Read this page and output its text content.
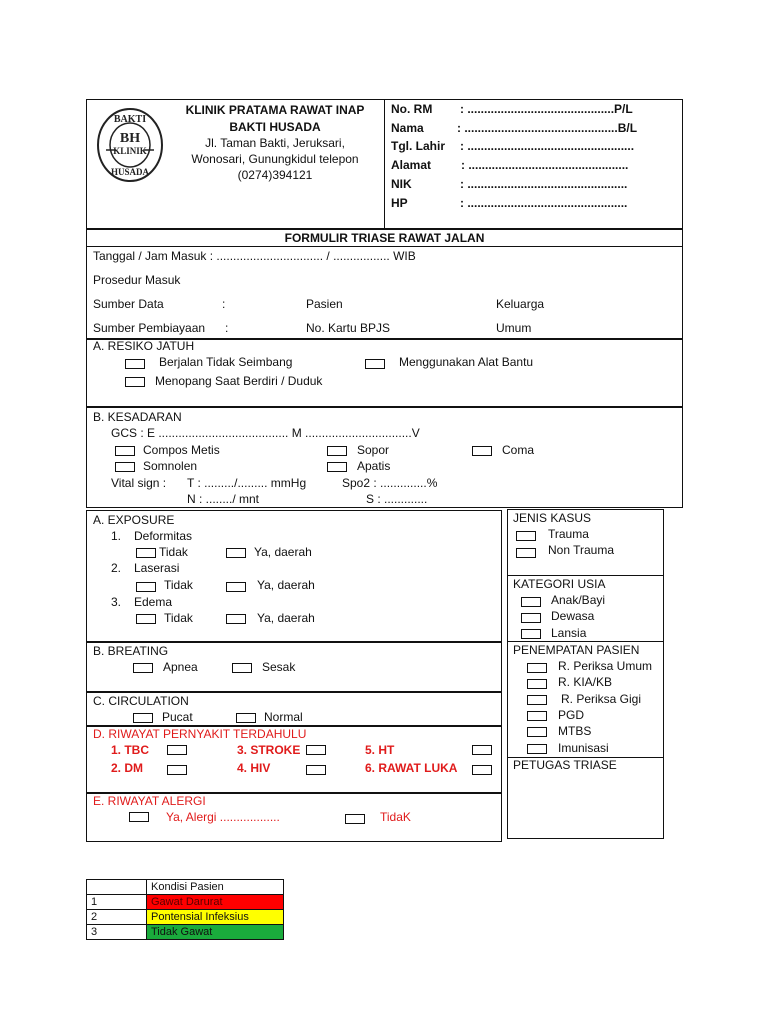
BAKTI
BH
KLINIK
HUSADA
KLINIK PRATAMA RAWAT INAP
BAKTI HUSADA
Jl. Taman Bakti, Jeruksari,
Wonosari, Gunungkidul telepon
(0274)394121
No. RM : ............................................P/L
Nama	: ..............................................B/L
Tgl. Lahir : ..................................................
Alamat : ................................................
NIK	: ................................................
HP	: ................................................
FORMULIR TRIASE RAWAT JALAN
Tanggal / Jam Masuk : ................................ / ................. WIB
Prosedur Masuk
Sumber Data	:	Pasien	Keluarga
Sumber Pembiayaan :	No. Kartu BPJS	Umum
A. RESIKO JATUH
Berjalan Tidak Seimbang	Menggunakan Alat Bantu
Menopang Saat Berdiri / Duduk
B. KESADARAN
GCS : E ....................................... M ................................V
Compos Metis	Sopor	Coma
Somnolen	Apatis
Vital sign : T : ........./......... mmHg	Spo2 : ..............%
N : ......../ mnt	S : .............
A. EXPOSURE
1. Deformitas
Tidak	Ya, daerah
2. Laserasi
Tidak	Ya, daerah
3. Edema
Tidak	Ya, daerah
B. BREATING
Apnea	Sesak
C. CIRCULATION
Pucat	Normal
D. RIWAYAT PERNYAKIT TERDAHULU
1. TBC	3. STROKE	5. HT
2. DM	4. HIV	6. RAWAT LUKA
E. RIWAYAT ALERGI
Ya, Alergi ..................	TidaK
JENIS KASUS
Trauma
Non Trauma
KATEGORI USIA
Anak/Bayi
Dewasa
Lansia
PENEMPATAN PASIEN
R. Periksa Umum
R. KIA/KB
R. Periksa Gigi
PGD
MTBS
Imunisasi
PETUGAS TRIASE
	Kondisi Pasien
1	Gawat Darurat
2	Pontensial Infeksius
3	Tidak Gawat
